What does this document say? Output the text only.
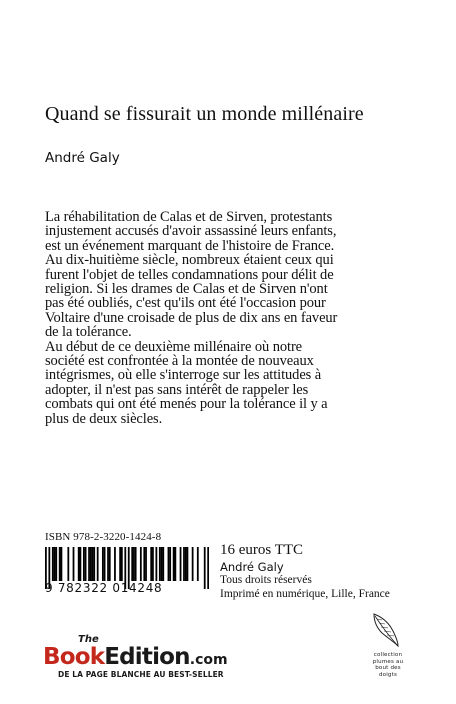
Quand se fissurait un monde millénaire
André Galy

La réhabilitation de Calas et de Sirven, protestants injustement accusés d'avoir assassiné leurs enfants, est un événement marquant de l'histoire de France. Au dix-huitième siècle, nombreux étaient ceux qui furent l'objet de telles condamnations pour délit de religion. Si les drames de Calas et de Sirven n'ont pas été oubliés, c'est qu'ils ont été l'occasion pour Voltaire d'une croisade de plus de dix ans en faveur de la tolérance.

Au début de ce deuxième millénaire où notre société est confrontée à la montée de nouveaux intégrismes, où elle s'interroge sur les attitudes à adopter, il n'est pas sans intérêt de rappeler les combats qui ont été menés pour la tolérance il y a plus de deux siècles.

ISBN 978-2-3220-1424-8
9 782322 014248
16 euros TTC
André Galy
Tous droits réservés
Imprimé en numérique, Lille, France
The
BookEdition.com
DE LA PAGE BLANCHE AU BEST-SELLER
collection
plumes au
bout des
doigts
